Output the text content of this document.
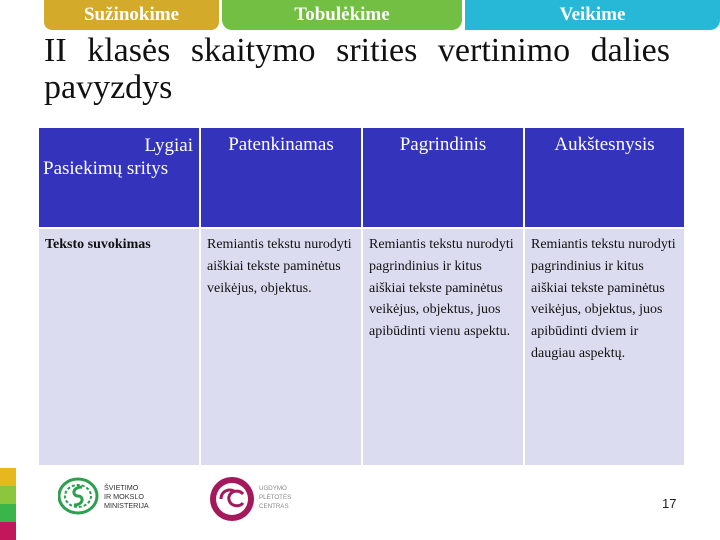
Sužinokime	Tobulėkime	Veikime
II klasės skaitymo srities vertinimo dalies pavyzdys
Lygiai
Pasiekimų sritys	Patenkinamas	Pagrindinis	Aukštesnysis
Teksto suvokimas	Remiantis tekstu nurodyti aiškiai tekste paminėtus veikėjus, objektus.	Remiantis tekstu nurodyti pagrindinius ir kitus aiškiai tekste paminėtus veikėjus, objektus, juos apibūdinti vienu aspektu.	Remiantis tekstu nurodyti pagrindinius ir kitus aiškiai tekste paminėtus veikėjus, objektus, juos apibūdinti dviem ir daugiau aspektų.
ŠVIETIMO IR MOKSLO MINISTERIJA
UGDYMO PLĖTOTĖS CENTRAS	17
